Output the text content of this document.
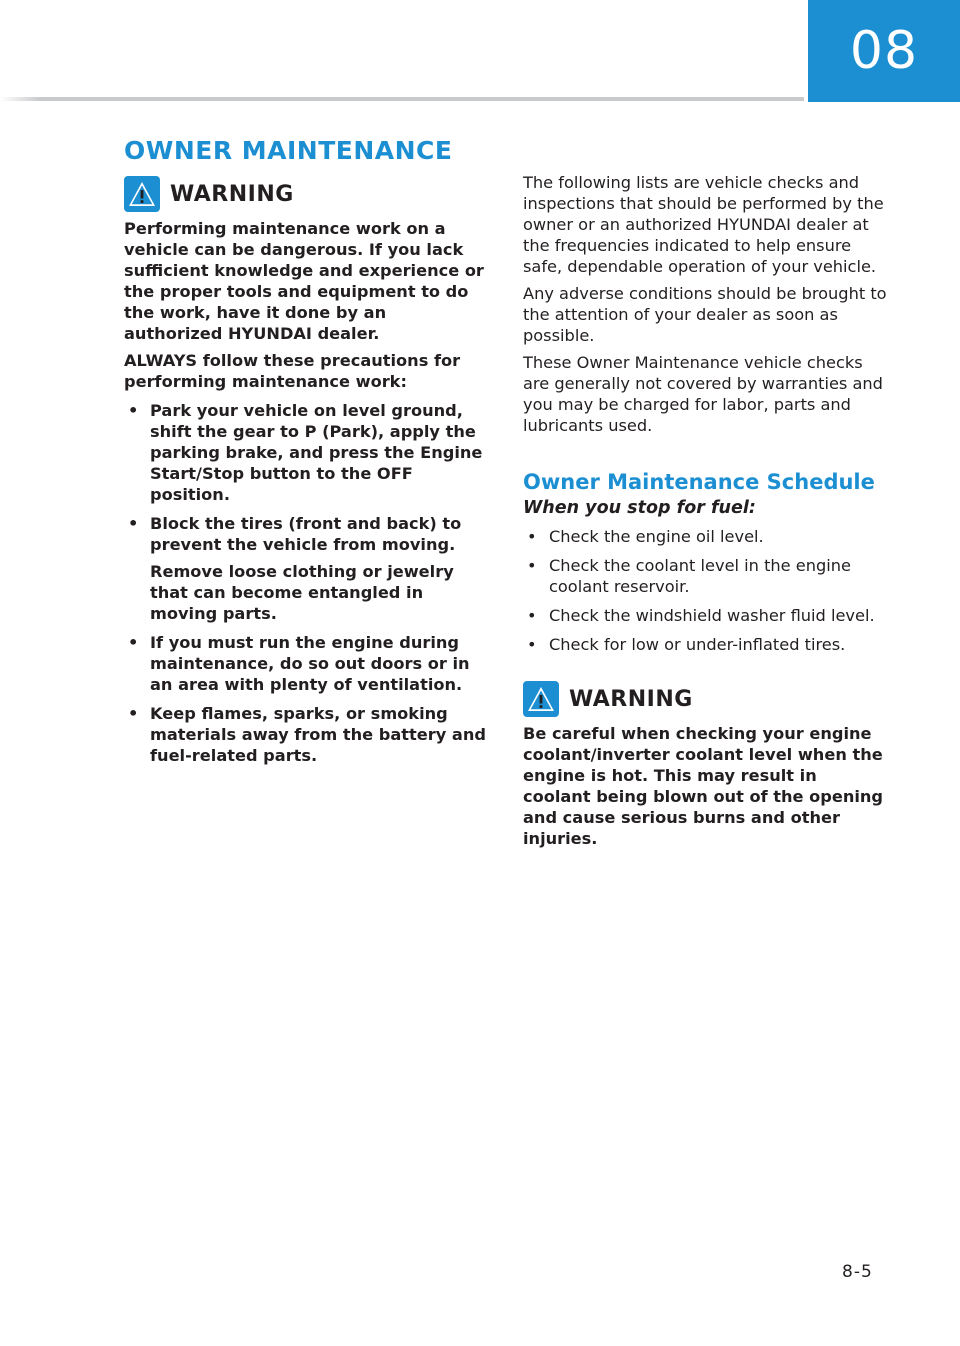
08
OWNER MAINTENANCE
WARNING

Performing maintenance work on a vehicle can be dangerous. If you lack sufficient knowledge and experience or the proper tools and equipment to do the work, have it done by an authorized HYUNDAI dealer.

ALWAYS follow these precautions for performing maintenance work:

• Park your vehicle on level ground, shift the gear to P (Park), apply the parking brake, and press the Engine Start/Stop button to the OFF position.
• Block the tires (front and back) to prevent the vehicle from moving.
Remove loose clothing or jewelry that can become entangled in moving parts.
• If you must run the engine during maintenance, do so out doors or in an area with plenty of ventilation.
• Keep flames, sparks, or smoking materials away from the battery and fuel-related parts.

The following lists are vehicle checks and inspections that should be performed by the owner or an authorized HYUNDAI dealer at the frequencies indicated to help ensure safe, dependable operation of your vehicle.

Any adverse conditions should be brought to the attention of your dealer as soon as possible.

These Owner Maintenance vehicle checks are generally not covered by warranties and you may be charged for labor, parts and lubricants used.

Owner Maintenance Schedule
When you stop for fuel:
• Check the engine oil level.
• Check the coolant level in the engine coolant reservoir.
• Check the windshield washer fluid level.
• Check for low or under-inflated tires.
WARNING

Be careful when checking your engine coolant/inverter coolant level when the engine is hot. This may result in coolant being blown out of the opening and cause serious burns and other injuries.

8-5
